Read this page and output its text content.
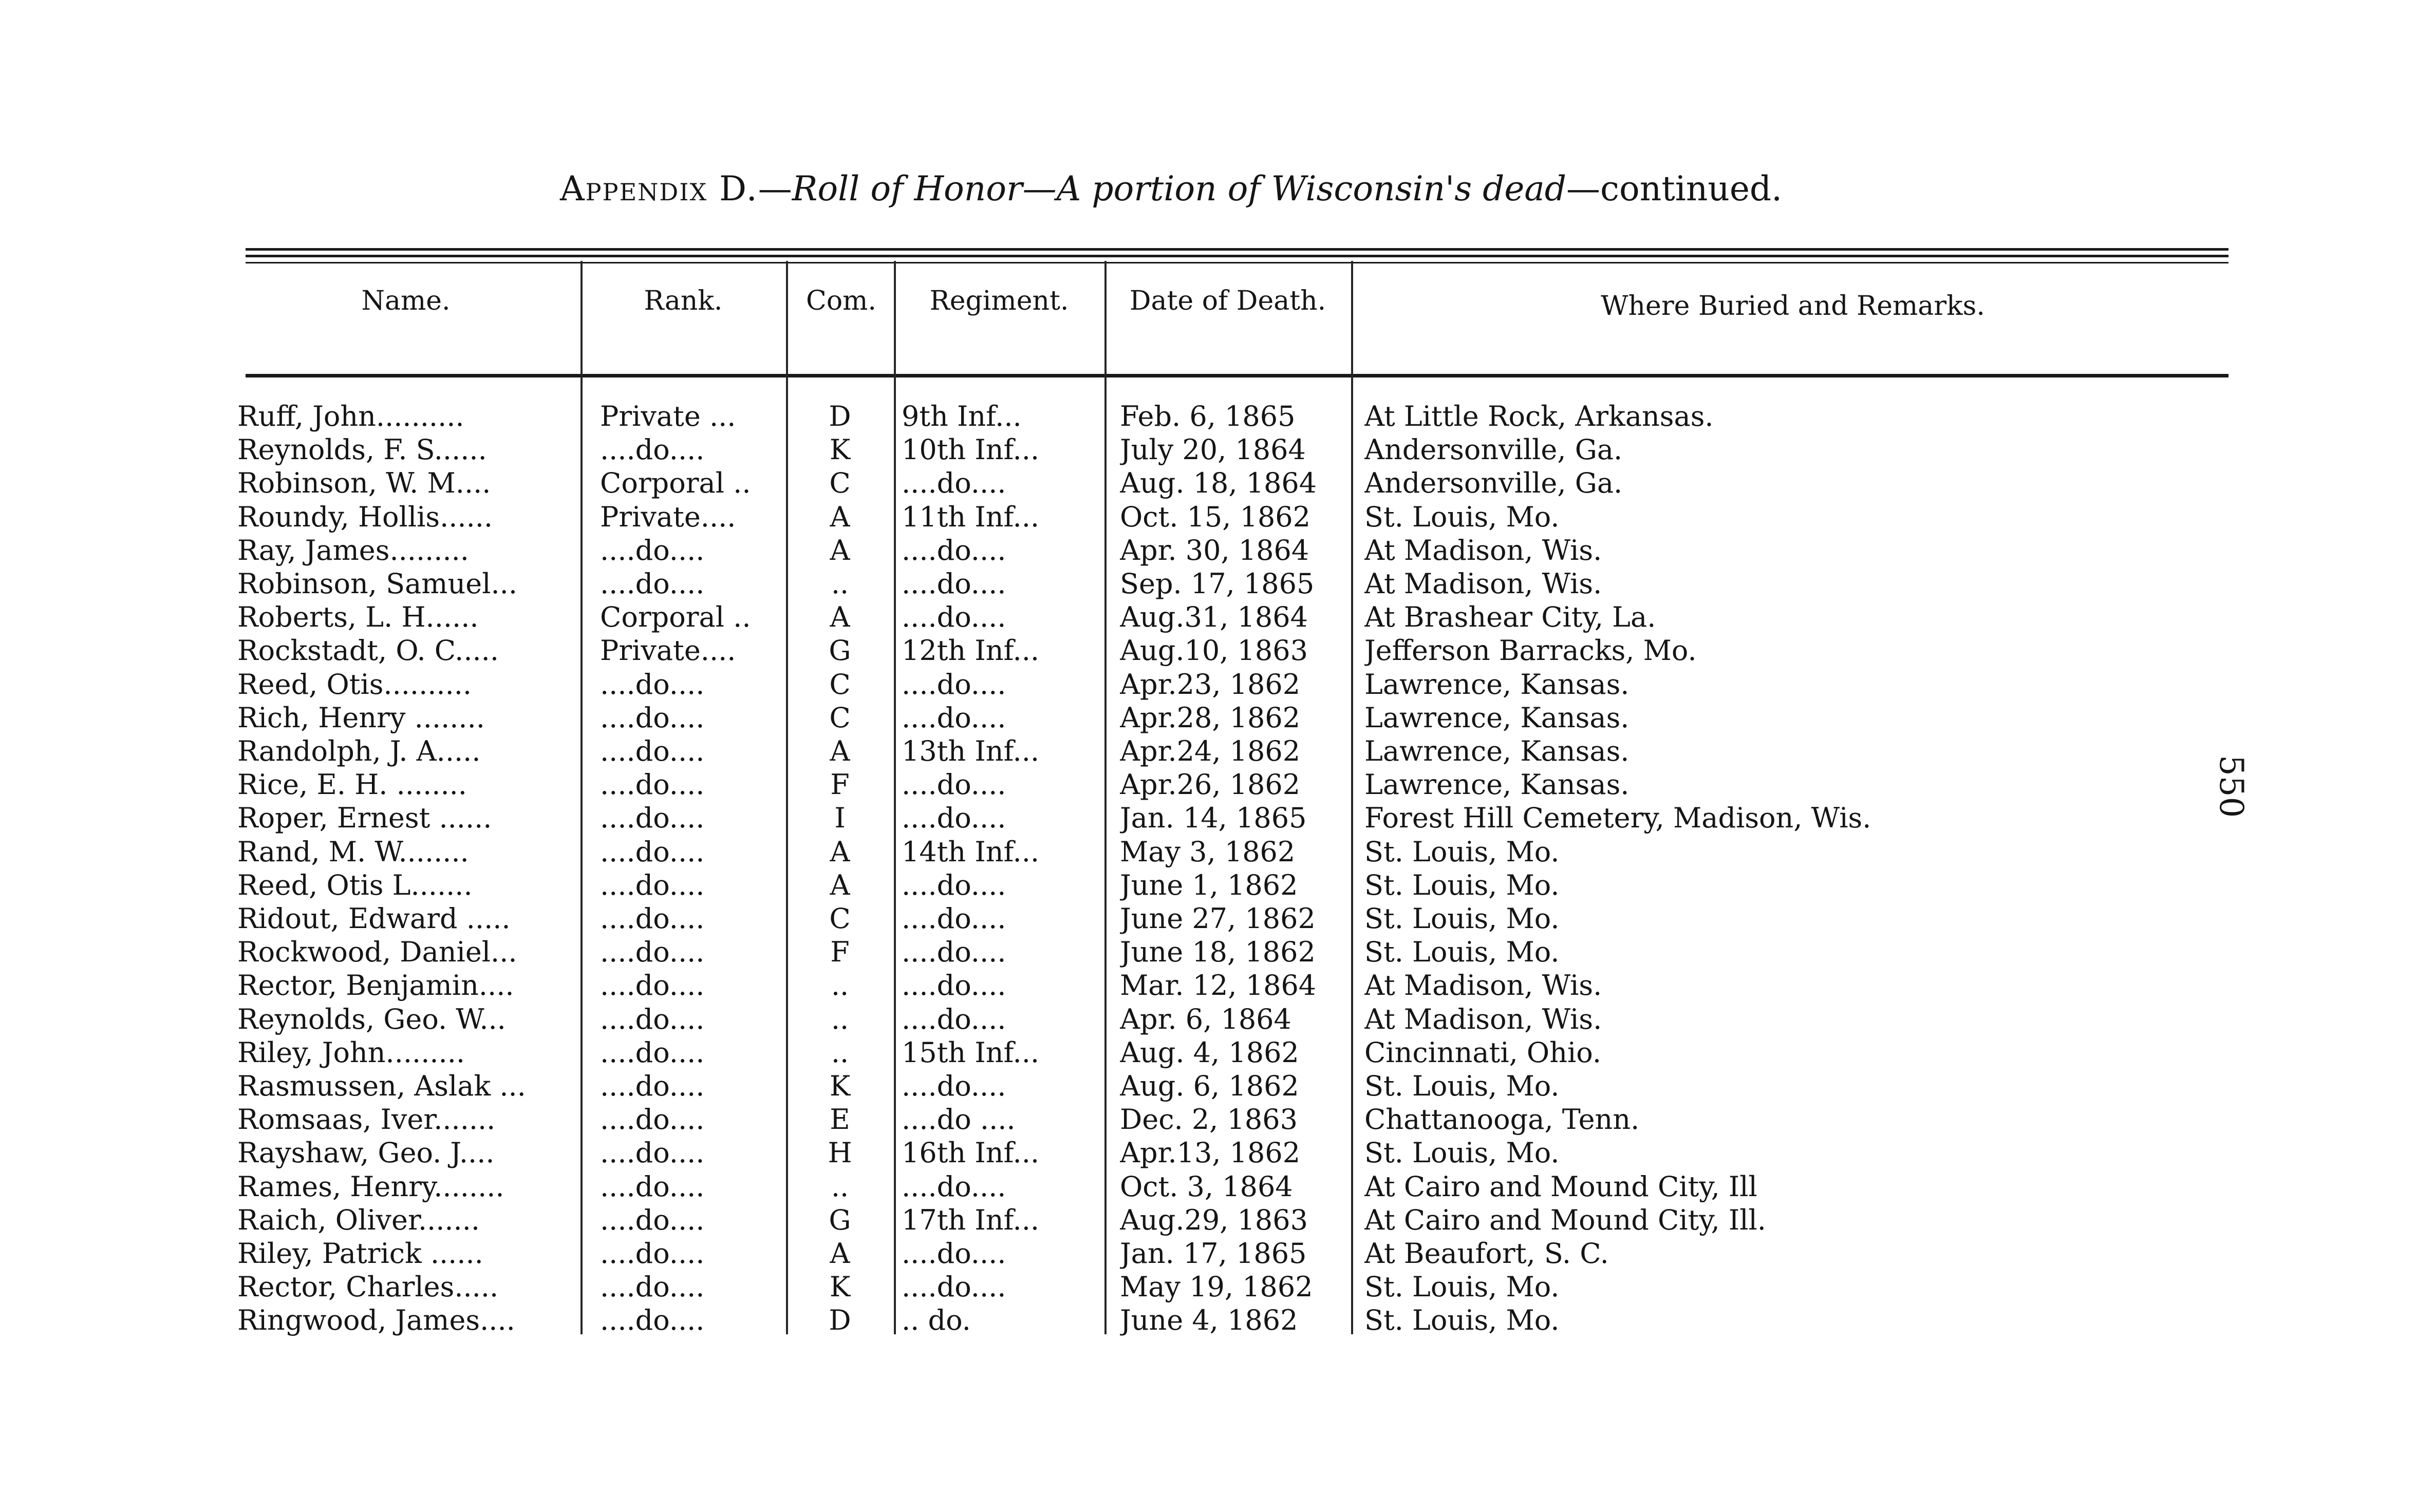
Appendix D.—Roll of Honor—A portion of Wisconsin's dead—continued.
Name.	Rank.	Com.	Regiment.	Date of Death.	Where Buried and Remarks.
Ruff, John..........	Private ...	D	9th Inf...	Feb. 6, 1865	At Little Rock, Arkansas.
Reynolds, F. S......	....do....	K	10th Inf...	July 20, 1864	Andersonville, Ga.
Robinson, W. M....	Corporal ..	C	....do....	Aug. 18, 1864	Andersonville, Ga.
Roundy, Hollis......	Private....	A	11th Inf...	Oct. 15, 1862	St. Louis, Mo.
Ray, James.........	....do....	A	....do....	Apr. 30, 1864	At Madison, Wis.
Robinson, Samuel...	....do....	..	....do....	Sep. 17, 1865	At Madison, Wis.
Roberts, L. H......	Corporal ..	A	....do....	Aug.31, 1864	At Brashear City, La.
Rockstadt, O. C.....	Private....	G	12th Inf...	Aug.10, 1863	Jefferson Barracks, Mo.
Reed, Otis..........	....do....	C	....do....	Apr.23, 1862	Lawrence, Kansas.
Rich, Henry ........	....do....	C	....do....	Apr.28, 1862	Lawrence, Kansas.
Randolph, J. A.....	....do....	A	13th Inf...	Apr.24, 1862	Lawrence, Kansas.
Rice, E. H. ........	....do....	F	....do....	Apr.26, 1862	Lawrence, Kansas.
Roper, Ernest ......	....do....	I	....do....	Jan. 14, 1865	Forest Hill Cemetery, Madison, Wis.
Rand, M. W........	....do....	A	14th Inf...	May 3, 1862	St. Louis, Mo.
Reed, Otis L.......	....do....	A	....do....	June 1, 1862	St. Louis, Mo.
Ridout, Edward .....	....do....	C	....do....	June 27, 1862	St. Louis, Mo.
Rockwood, Daniel...	....do....	F	....do....	June 18, 1862	St. Louis, Mo.
Rector, Benjamin....	....do....	..	....do....	Mar. 12, 1864	At Madison, Wis.
Reynolds, Geo. W...	....do....	..	....do....	Apr. 6, 1864	At Madison, Wis.
Riley, John.........	....do....	..	15th Inf...	Aug. 4, 1862	Cincinnati, Ohio.
Rasmussen, Aslak ...	....do....	K	....do....	Aug. 6, 1862	St. Louis, Mo.
Romsaas, Iver.......	....do....	E	....do ....	Dec. 2, 1863	Chattanooga, Tenn.
Rayshaw, Geo. J....	....do....	H	16th Inf...	Apr.13, 1862	St. Louis, Mo.
Rames, Henry........	....do....	..	....do....	Oct. 3, 1864	At Cairo and Mound City, Ill
Raich, Oliver.......	....do....	G	17th Inf...	Aug.29, 1863	At Cairo and Mound City, Ill.
Riley, Patrick ......	....do....	A	....do....	Jan. 17, 1865	At Beaufort, S. C.
Rector, Charles.....	....do....	K	....do....	May 19, 1862	St. Louis, Mo.
Ringwood, James....	....do....	D	.. do.	June 4, 1862	St. Louis, Mo.
550
